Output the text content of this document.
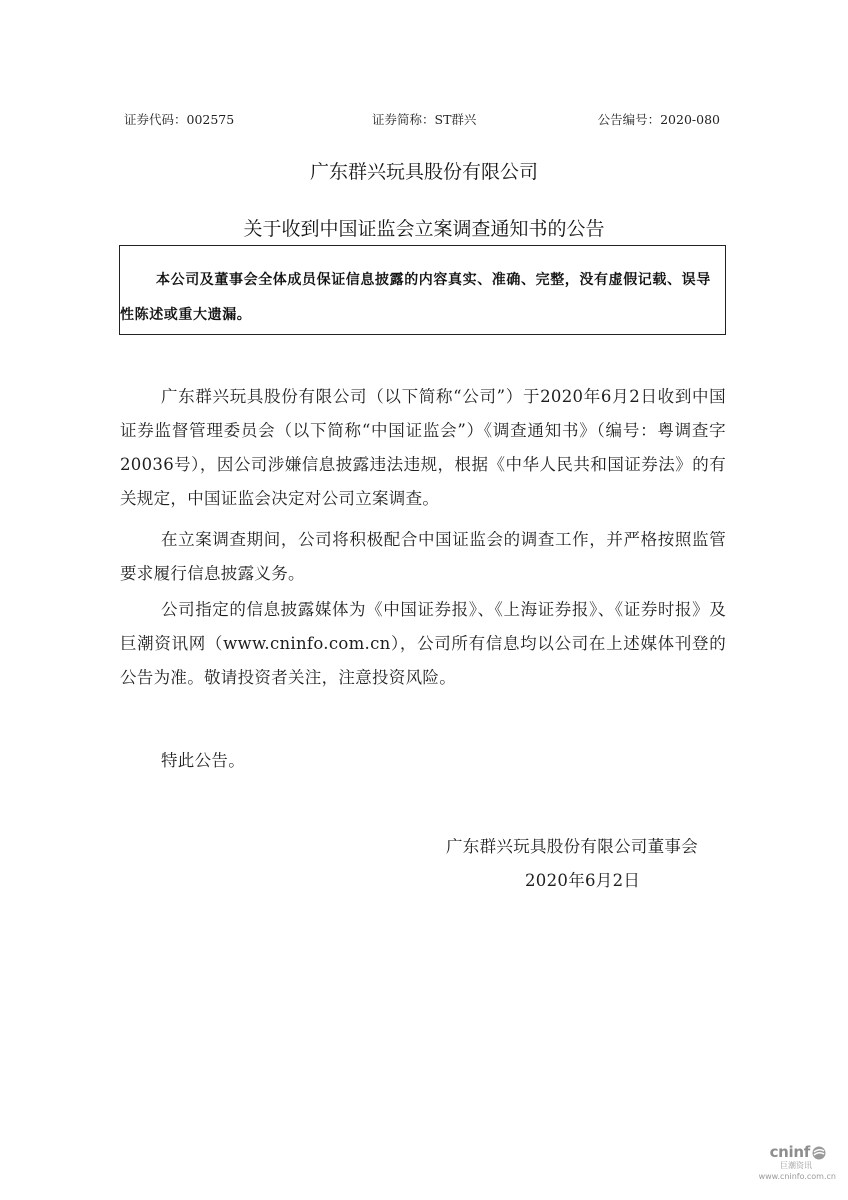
证券代码：002575	证券简称：ST群兴	公告编号：2020-080
广东群兴玩具股份有限公司
关于收到中国证监会立案调查通知书的公告
本公司及董事会全体成员保证信息披露的内容真实、准确、完整，没有虚假记载、误导性陈述或重大遗漏。
广东群兴玩具股份有限公司（以下简称“公司”）于2020年6月2日收到中国证券监督管理委员会（以下简称“中国证监会”）《调查通知书》（编号：粤调查字20036号），因公司涉嫌信息披露违法违规，根据《中华人民共和国证券法》的有关规定，中国证监会决定对公司立案调查。
在立案调查期间，公司将积极配合中国证监会的调查工作，并严格按照监管要求履行信息披露义务。
公司指定的信息披露媒体为《中国证券报》、《上海证券报》、《证券时报》及巨潮资讯网（www.cninfo.com.cn），公司所有信息均以公司在上述媒体刊登的公告为准。敬请投资者关注，注意投资风险。
特此公告。
广东群兴玩具股份有限公司董事会
2020年6月2日
cninf
巨潮资讯
www.cninfo.com.cn
